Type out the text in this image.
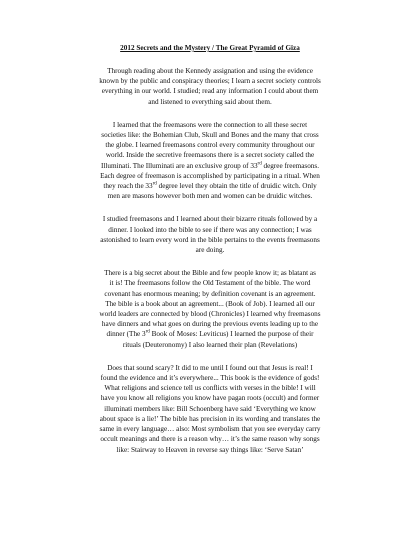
2012 Secrets and the Mystery / The Great Pyramid of Giza
Through reading about the Kennedy assignation and using the evidence
known by the public and conspiracy theories; I learn a secret society controls
everything in our world. I studied; read any information I could about them
and listened to everything said about them.
I learned that the freemasons were the connection to all these secret
societies like: the Bohemian Club, Skull and Bones and the many that cross
the globe. I learned freemasons control every community throughout our
world. Inside the secretive freemasons there is a secret society called the
Illuminati. The Illuminati are an exclusive group of 33rd degree freemasons.
Each degree of freemason is accomplished by participating in a ritual. When
they reach the 33rd degree level they obtain the title of druidic witch. Only
men are masons however both men and women can be druidic witches.
I studied freemasons and I learned about their bizarre rituals followed by a
dinner. I looked into the bible to see if there was any connection; I was
astonished to learn every word in the bible pertains to the events freemasons
are doing.
There is a big secret about the Bible and few people know it; as blatant as
it is! The freemasons follow the Old Testament of the bible. The word
covenant has enormous meaning; by definition covenant is an agreement.
The bible is a book about an agreement... (Book of Job). I learned all our
world leaders are connected by blood (Chronicles) I learned why freemasons
have dinners and what goes on during the previous events leading up to the
dinner (The 3rd Book of Moses: Leviticus) I learned the purpose of their
rituals (Deuteronomy) I also learned their plan (Revelations)
Does that sound scary? It did to me until I found out that Jesus is real! I
found the evidence and it’s everywhere... This book is the evidence of gods!
What religions and science tell us conflicts with verses in the bible! I will
have you know all religions you know have pagan roots (occult) and former
illuminati members like: Bill Schoenberg have said ‘Everything we know
about space is a lie!’ The bible has precision in its wording and translates the
same in every language… also: Most symbolism that you see everyday carry
occult meanings and there is a reason why… it’s the same reason why songs
like: Stairway to Heaven in reverse say things like: ‘Serve Satan’
